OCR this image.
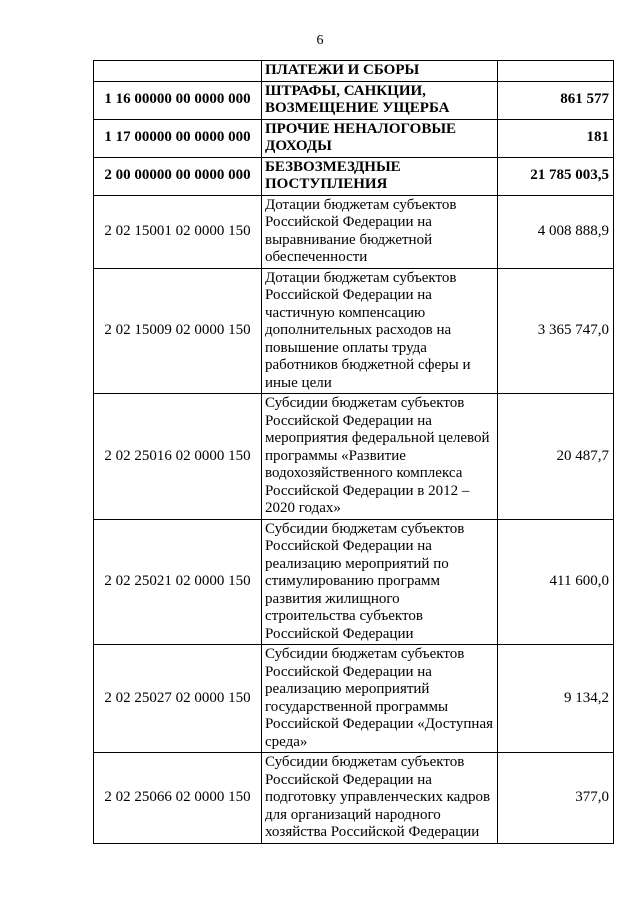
6
	ПЛАТЕЖИ И СБОРЫ	
1 16 00000 00 0000 000	ШТРАФЫ, САНКЦИИ, ВОЗМЕЩЕНИЕ УЩЕРБА	861 577
1 17 00000 00 0000 000	ПРОЧИЕ НЕНАЛОГОВЫЕ ДОХОДЫ	181
2 00 00000 00 0000 000	БЕЗВОЗМЕЗДНЫЕ ПОСТУПЛЕНИЯ	21 785 003,5
2 02 15001 02 0000 150	Дотации бюджетам субъектов Российской Федерации на выравнивание бюджетной обеспеченности	4 008 888,9
2 02 15009 02 0000 150	Дотации бюджетам субъектов Российской Федерации на частичную компенсацию дополнительных расходов на повышение оплаты труда работников бюджетной сферы и иные цели	3 365 747,0
2 02 25016 02 0000 150	Субсидии бюджетам субъектов Российской Федерации на мероприятия федеральной целевой программы «Развитие водохозяйственного комплекса Российской Федерации в 2012 – 2020 годах»	20 487,7
2 02 25021 02 0000 150	Субсидии бюджетам субъектов Российской Федерации на реализацию мероприятий по стимулированию программ развития жилищного строительства субъектов Российской Федерации	411 600,0
2 02 25027 02 0000 150	Субсидии бюджетам субъектов Российской Федерации на реализацию мероприятий государственной программы Российской Федерации «Доступная среда»	9 134,2
2 02 25066 02 0000 150	Субсидии бюджетам субъектов Российской Федерации на подготовку управленческих кадров для организаций народного хозяйства Российской Федерации	377,0
